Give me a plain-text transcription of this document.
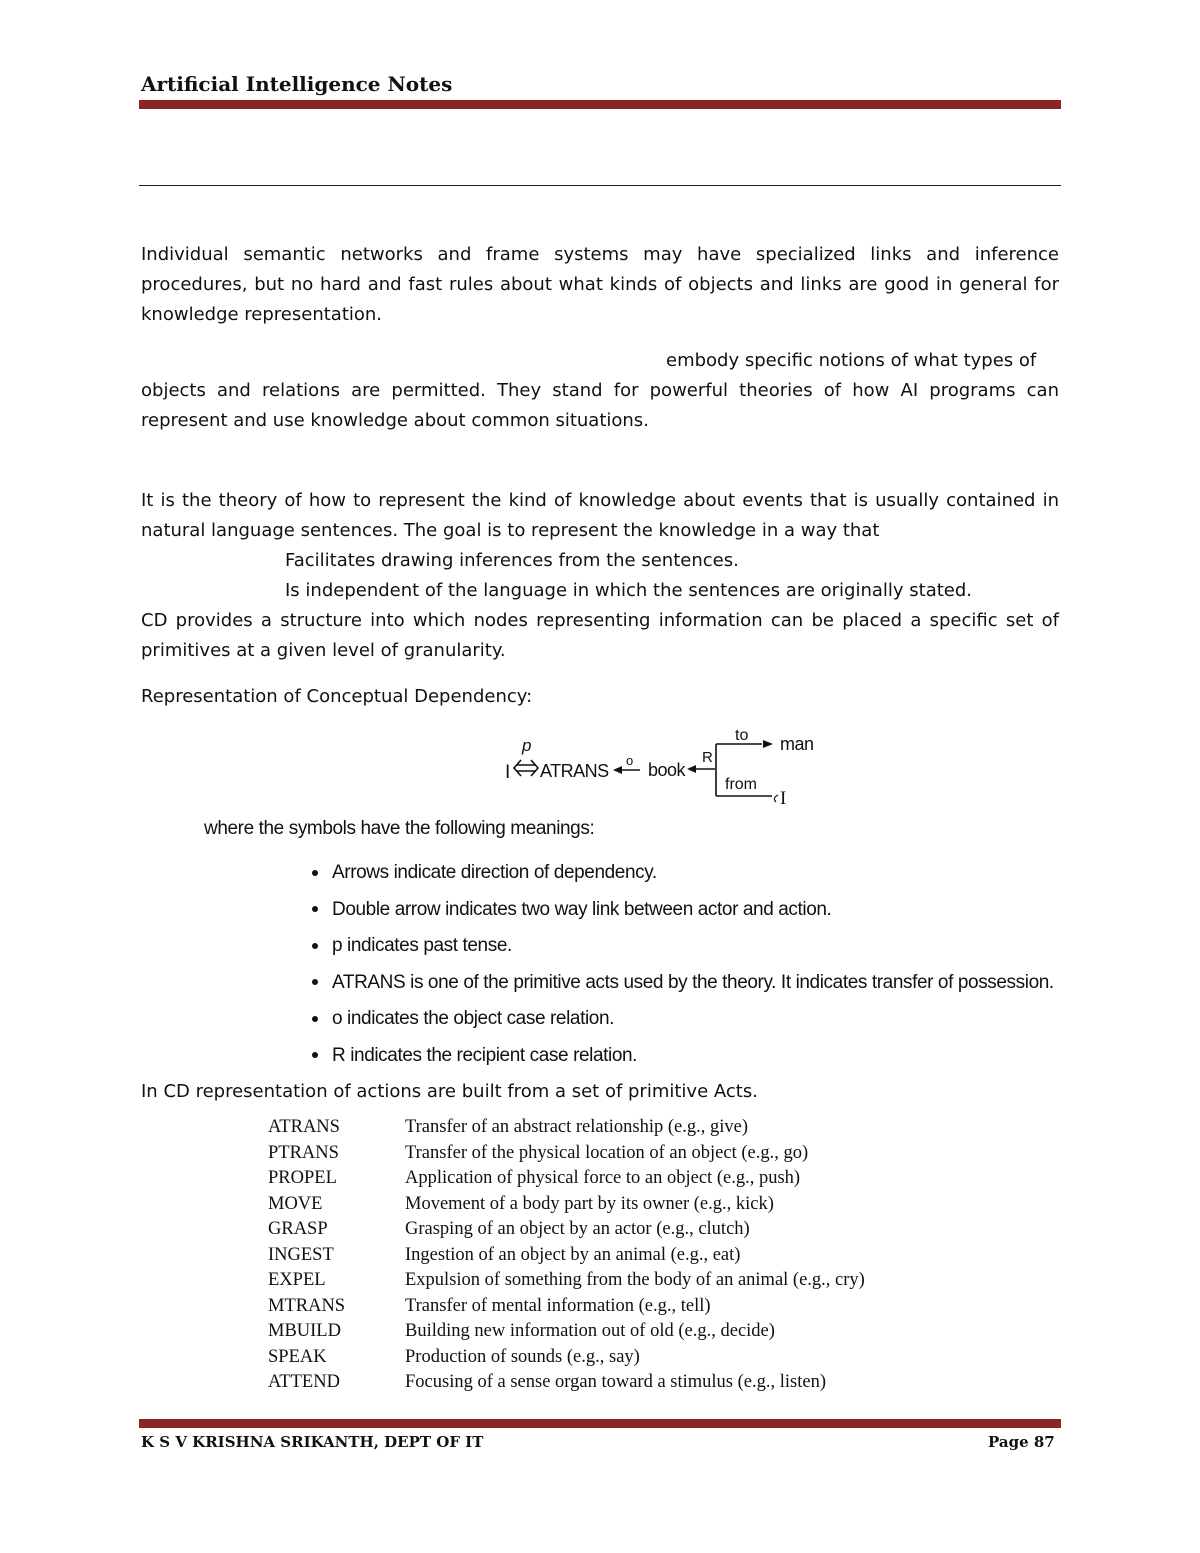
Artificial Intelligence Notes
Individual semantic networks and frame systems may have specialized links and inference procedures, but no hard and fast rules about what kinds of objects and links are good in general for knowledge representation.
embody specific notions of what types of
objects and relations are permitted. They stand for powerful theories of how AI programs can represent and use knowledge about common situations.
It is the theory of how to represent the kind of knowledge about events that is usually contained in natural language sentences. The goal is to represent the knowledge in a way that
Facilitates drawing inferences from the sentences.
Is independent of the language in which the sentences are originally stated.
CD provides a structure into which nodes representing information can be placed a specific set of primitives at a given level of granularity.
Representation of Conceptual Dependency:
p
I ATRANS
o book
R
to man
from
I
where the symbols have the following meanings:
Arrows indicate direction of dependency.
Double arrow indicates two way link between actor and action.
p indicates past tense.
ATRANS is one of the primitive acts used by the theory. It indicates transfer of possession.
o indicates the object case relation.
R indicates the recipient case relation.
In CD representation of actions are built from a set of primitive Acts.
ATRANS	Transfer of an abstract relationship (e.g., give)
PTRANS	Transfer of the physical location of an object (e.g., go)
PROPEL	Application of physical force to an object (e.g., push)
MOVE	Movement of a body part by its owner (e.g., kick)
GRASP	Grasping of an object by an actor (e.g., clutch)
INGEST	Ingestion of an object by an animal (e.g., eat)
EXPEL	Expulsion of something from the body of an animal (e.g., cry)
MTRANS	Transfer of mental information (e.g., tell)
MBUILD	Building new information out of old (e.g., decide)
SPEAK	Production of sounds (e.g., say)
ATTEND	Focusing of a sense organ toward a stimulus (e.g., listen)
K S V KRISHNA SRIKANTH, DEPT OF IT	Page 87
